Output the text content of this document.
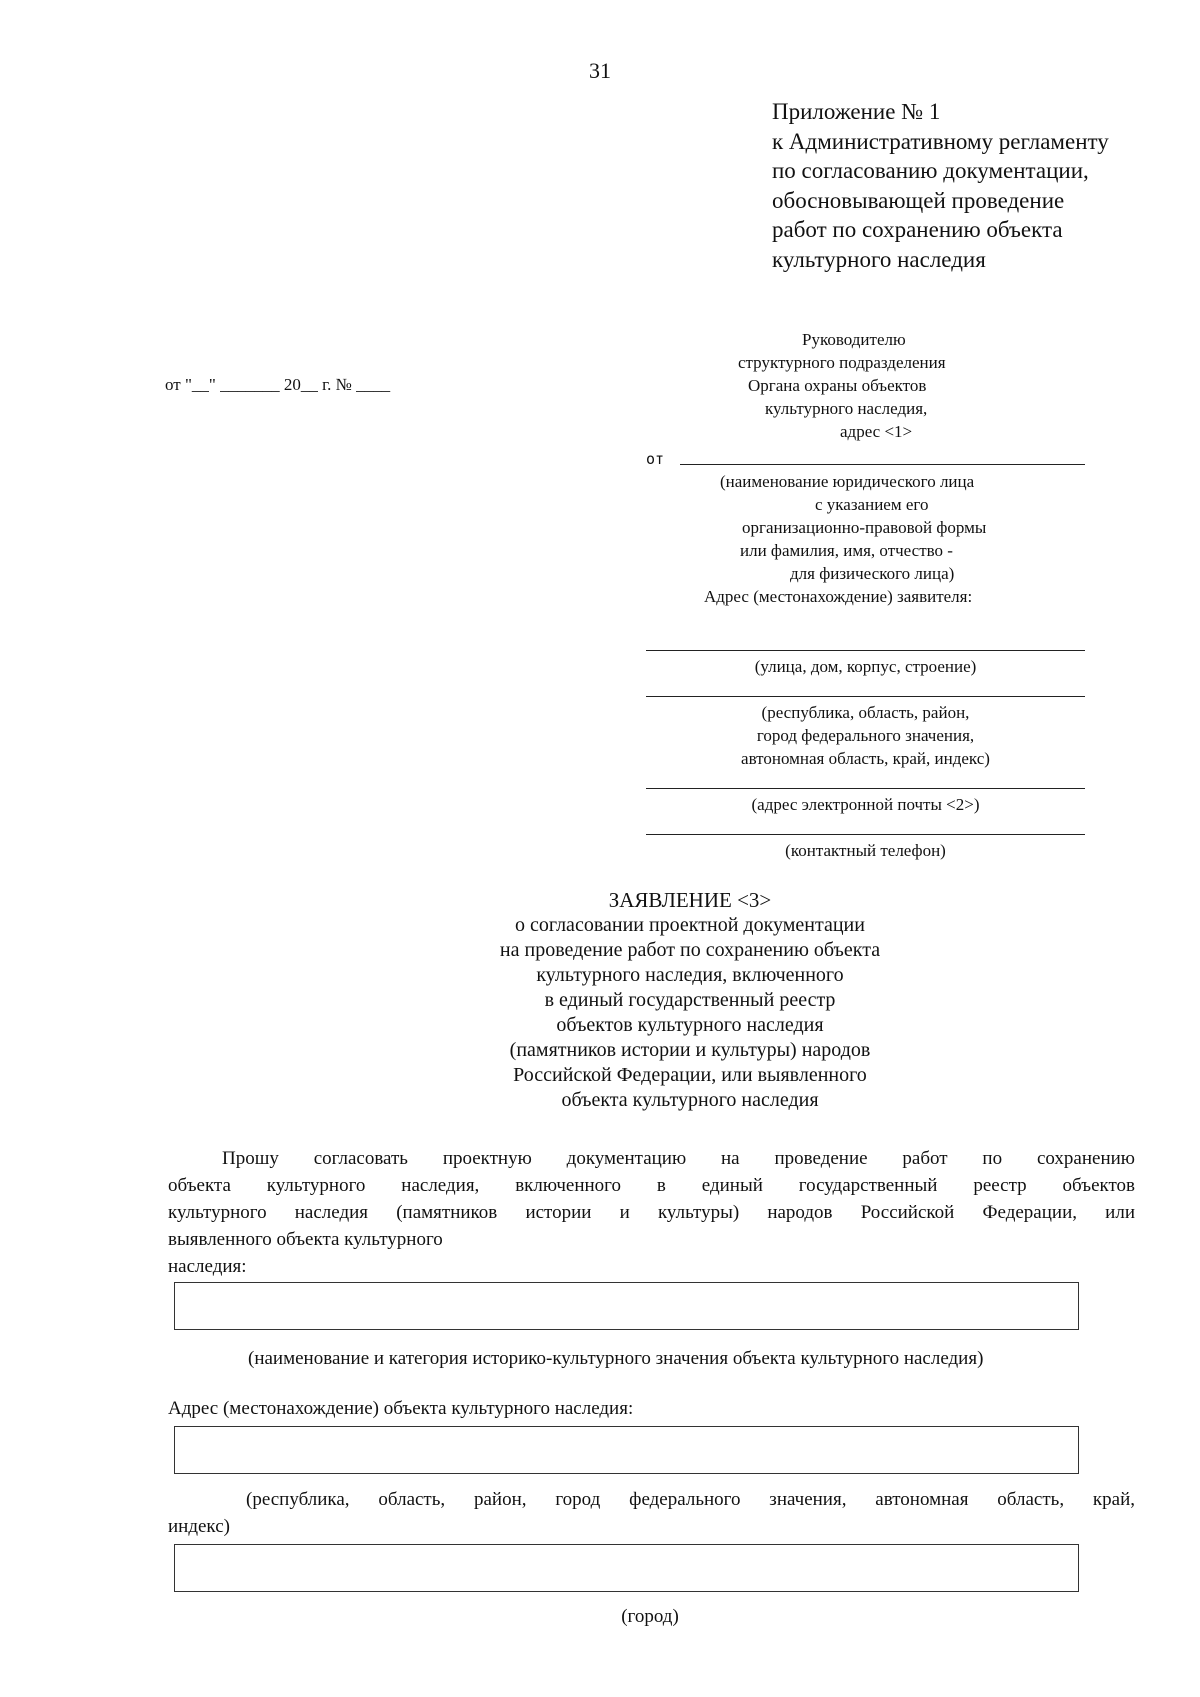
31
Приложение № 1
к Административному регламенту
по согласованию документации,
обосновывающей проведение
работ по сохранению объекта
культурного наследия
от "__" _______ 20__ г. № ____
Руководителю
структурного подразделения
Органа охраны объектов
культурного наследия,
адрес <1>
от
(наименование юридического лица
с указанием его
организационно-правовой формы
или фамилия, имя, отчество -
для физического лица)
Адрес (местонахождение) заявителя:
(улица, дом, корпус, строение)
(республика, область, район,
город федерального значения,
автономная область, край, индекс)
(адрес электронной почты <2>)
(контактный телефон)
ЗАЯВЛЕНИЕ <3>
о согласовании проектной документации
на проведение работ по сохранению объекта
культурного наследия, включенного
в единый государственный реестр
объектов культурного наследия
(памятников истории и культуры) народов
Российской Федерации, или выявленного
объекта культурного наследия
Прошу согласовать проектную документацию на проведение работ по сохранению
объекта культурного наследия, включенного в единый государственный реестр объектов
культурного наследия (памятников истории и культуры) народов Российской Федерации, или
выявленного объекта культурного
наследия:
(наименование и категория историко-культурного значения объекта культурного наследия)
Адрес (местонахождение) объекта культурного наследия:
(республика, область, район, город федерального значения, автономная область, край,
индекс)
(город)
